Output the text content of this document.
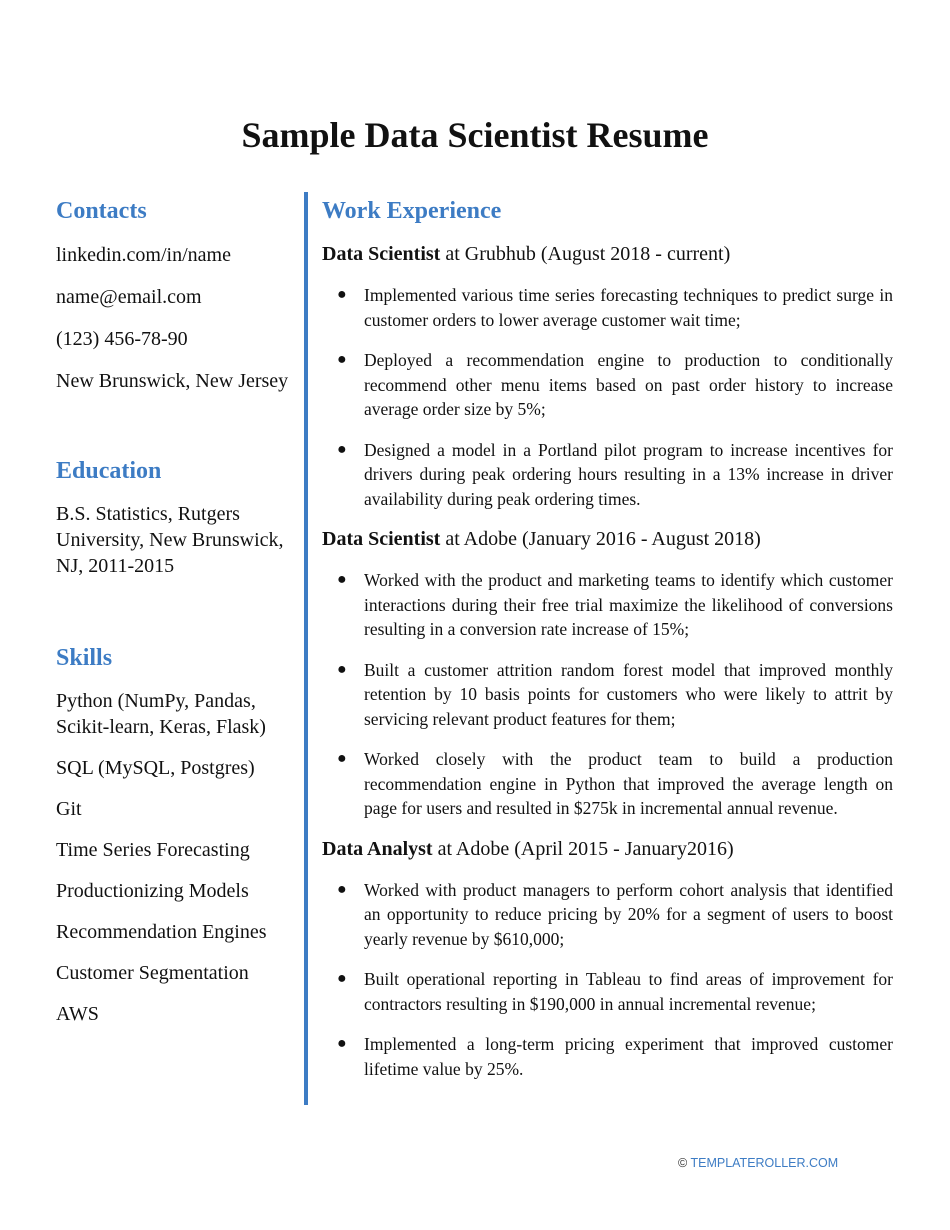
Sample Data Scientist Resume
Contacts

linkedin.com/in/name

name@email.com

(123) 456-78-90

New Brunswick, New Jersey

Education

B.S. Statistics, Rutgers University, New Brunswick, NJ, 2011-2015

Skills

Python (NumPy, Pandas, Scikit-learn, Keras, Flask)

SQL (MySQL, Postgres)

Git

Time Series Forecasting

Productionizing Models

Recommendation Engines

Customer Segmentation

AWS

Work Experience

Data Scientist at Grubhub (August 2018 - current)

● Implemented various time series forecasting techniques to predict surge in customer orders to lower average customer wait time;
● Deployed a recommendation engine to production to conditionally recommend other menu items based on past order history to increase average order size by 5%;
● Designed a model in a Portland pilot program to increase incentives for drivers during peak ordering hours resulting in a 13% increase in driver availability during peak ordering times.

Data Scientist at Adobe (January 2016 - August 2018)

● Worked with the product and marketing teams to identify which customer interactions during their free trial maximize the likelihood of conversions resulting in a conversion rate increase of 15%;
● Built a customer attrition random forest model that improved monthly retention by 10 basis points for customers who were likely to attrit by servicing relevant product features for them;
● Worked closely with the product team to build a production recommendation engine in Python that improved the average length on page for users and resulted in $275k in incremental annual revenue.

Data Analyst at Adobe (April 2015 - January2016)

● Worked with product managers to perform cohort analysis that identified an opportunity to reduce pricing by 20% for a segment of users to boost yearly revenue by $610,000;
● Built operational reporting in Tableau to find areas of improvement for contractors resulting in $190,000 in annual incremental revenue;
● Implemented a long-term pricing experiment that improved customer lifetime value by 25%.
© TEMPLATEROLLER.COM
